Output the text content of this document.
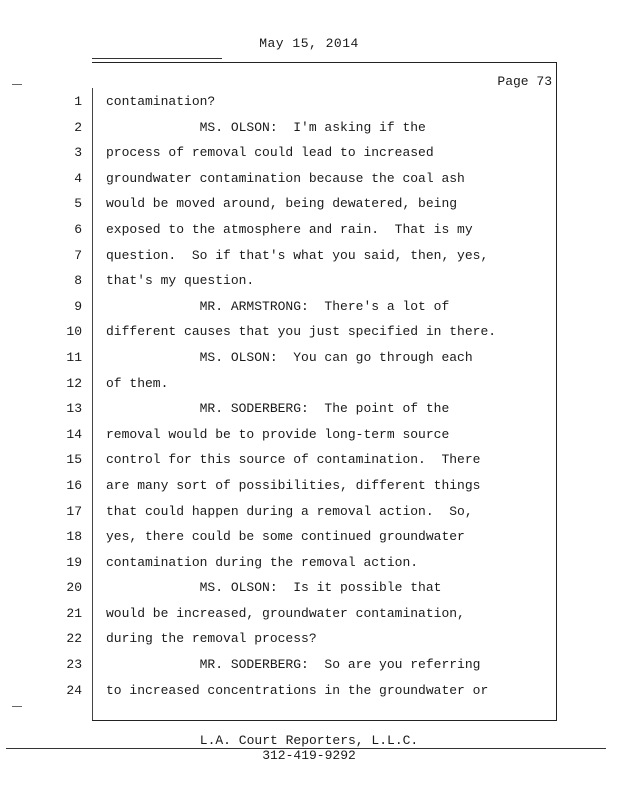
May 15, 2014
Page 73
1
2
3
4
5
6
7
8
9
10
11
12
13
14
15
16
17
18
19
20
21
22
23
24
contamination?
MS. OLSON:  I'm asking if the
process of removal could lead to increased
groundwater contamination because the coal ash
would be moved around, being dewatered, being
exposed to the atmosphere and rain.  That is my
question.  So if that's what you said, then, yes,
that's my question.
MR. ARMSTRONG:  There's a lot of
different causes that you just specified in there.
MS. OLSON:  You can go through each
of them.
MR. SODERBERG:  The point of the
removal would be to provide long-term source
control for this source of contamination.  There
are many sort of possibilities, different things
that could happen during a removal action.  So,
yes, there could be some continued groundwater
contamination during the removal action.
MS. OLSON:  Is it possible that
would be increased, groundwater contamination,
during the removal process?
MR. SODERBERG:  So are you referring
to increased concentrations in the groundwater or
L.A. Court Reporters, L.L.C.
312-419-9292
